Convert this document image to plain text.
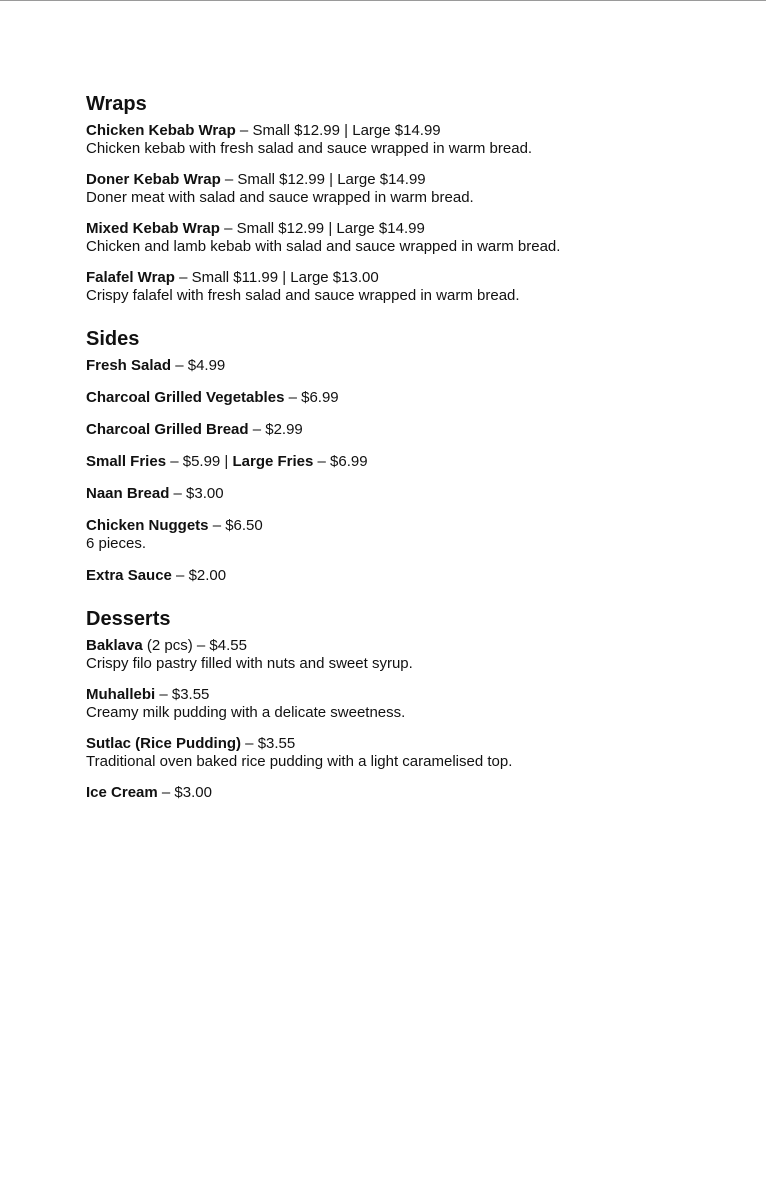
Wraps
Chicken Kebab Wrap – Small $12.99 | Large $14.99
Chicken kebab with fresh salad and sauce wrapped in warm bread.
Doner Kebab Wrap – Small $12.99 | Large $14.99
Doner meat with salad and sauce wrapped in warm bread.
Mixed Kebab Wrap – Small $12.99 | Large $14.99
Chicken and lamb kebab with salad and sauce wrapped in warm bread.
Falafel Wrap – Small $11.99 | Large $13.00
Crispy falafel with fresh salad and sauce wrapped in warm bread.
Sides
Fresh Salad – $4.99
Charcoal Grilled Vegetables – $6.99
Charcoal Grilled Bread – $2.99
Small Fries – $5.99 | Large Fries – $6.99
Naan Bread – $3.00
Chicken Nuggets – $6.50
6 pieces.
Extra Sauce – $2.00
Desserts
Baklava (2 pcs) – $4.55
Crispy filo pastry filled with nuts and sweet syrup.
Muhallebi – $3.55
Creamy milk pudding with a delicate sweetness.
Sutlac (Rice Pudding) – $3.55
Traditional oven baked rice pudding with a light caramelised top.
Ice Cream – $3.00
